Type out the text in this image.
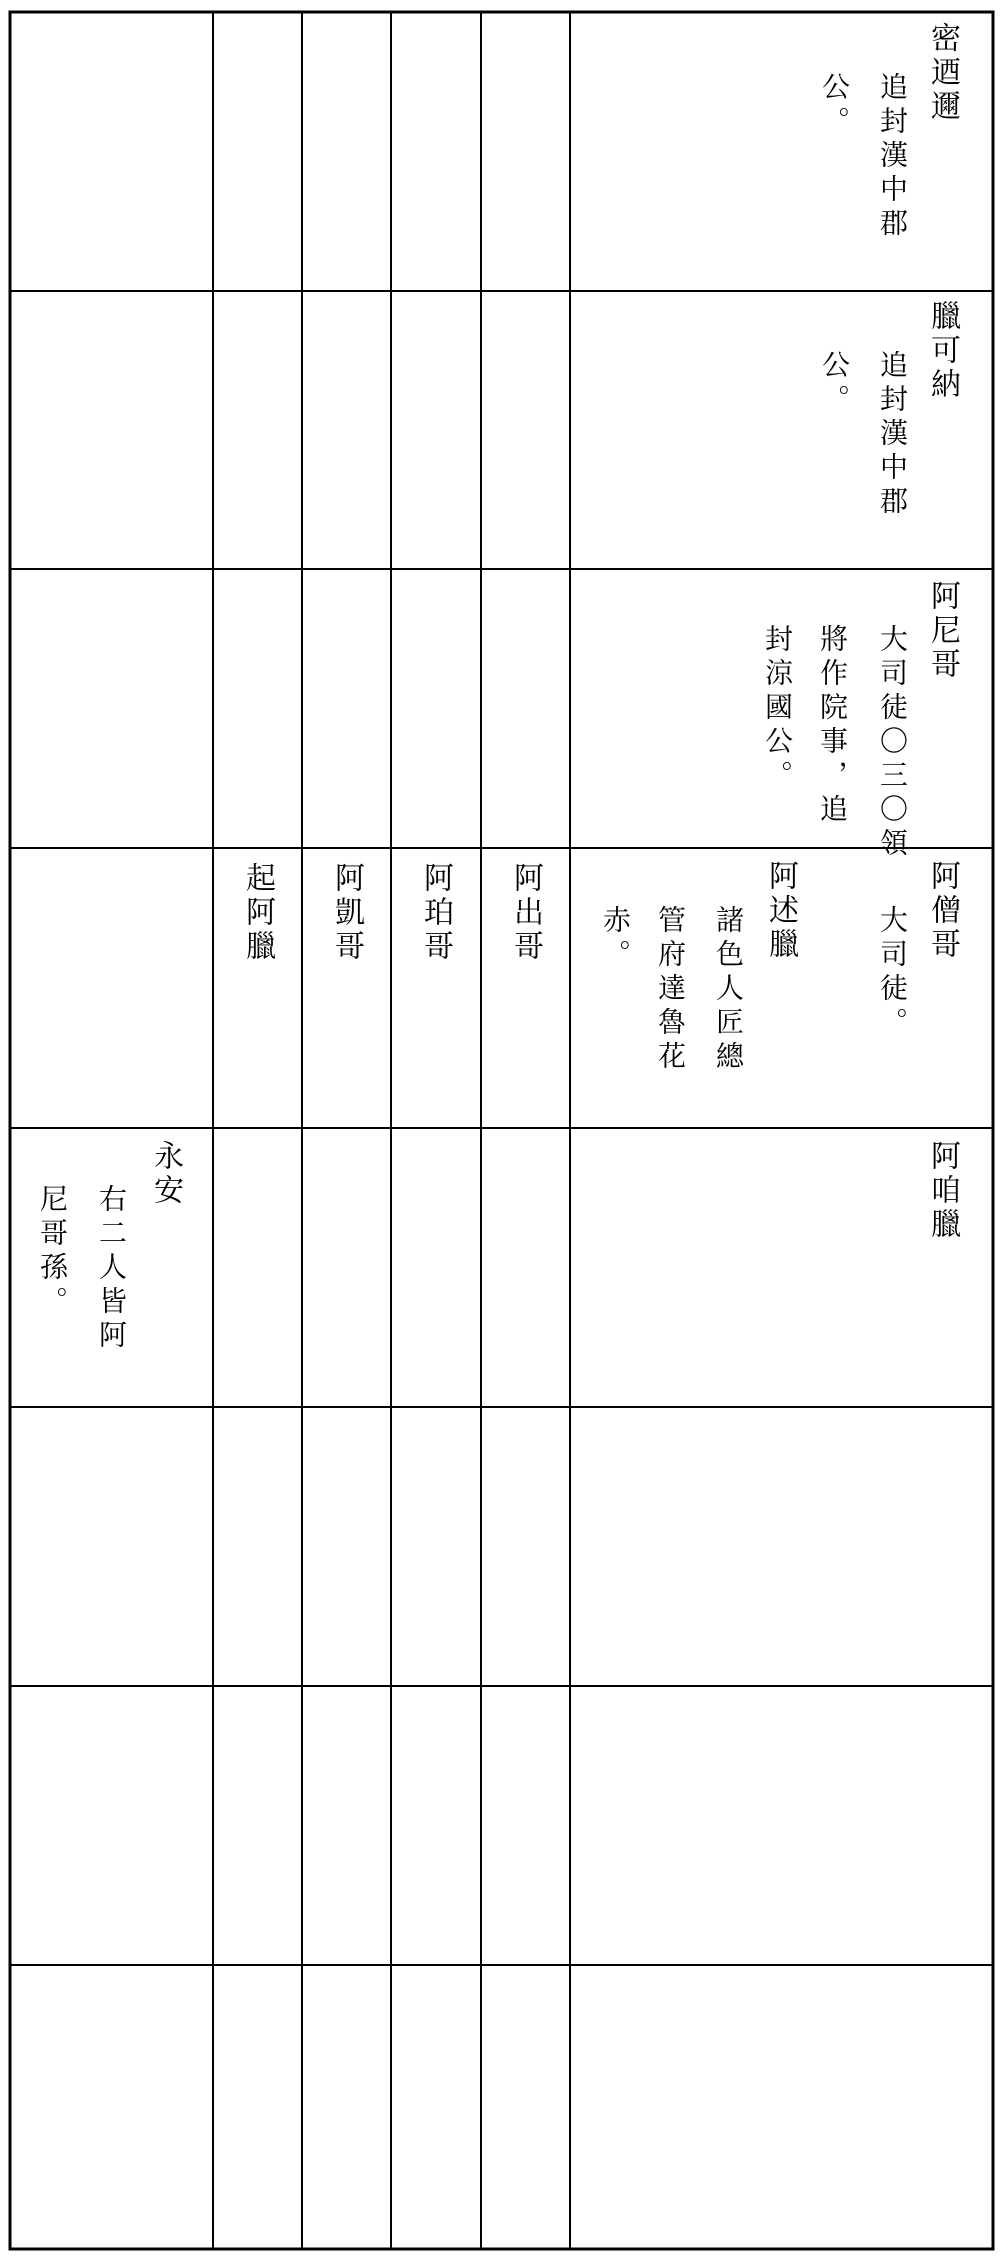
密迺邇
追封漢中郡
公。
臘可納
追封漢中郡
公。
阿尼哥
大司徒〇三〇領
將作院事，追
封涼國公。
阿僧哥
大司徒。
阿述臘
諸色人匠總
管府達魯花
赤。
阿出哥
阿珀哥
阿凱哥
起阿臘
阿咱臘
永安
右二人皆阿
尼哥孫。
